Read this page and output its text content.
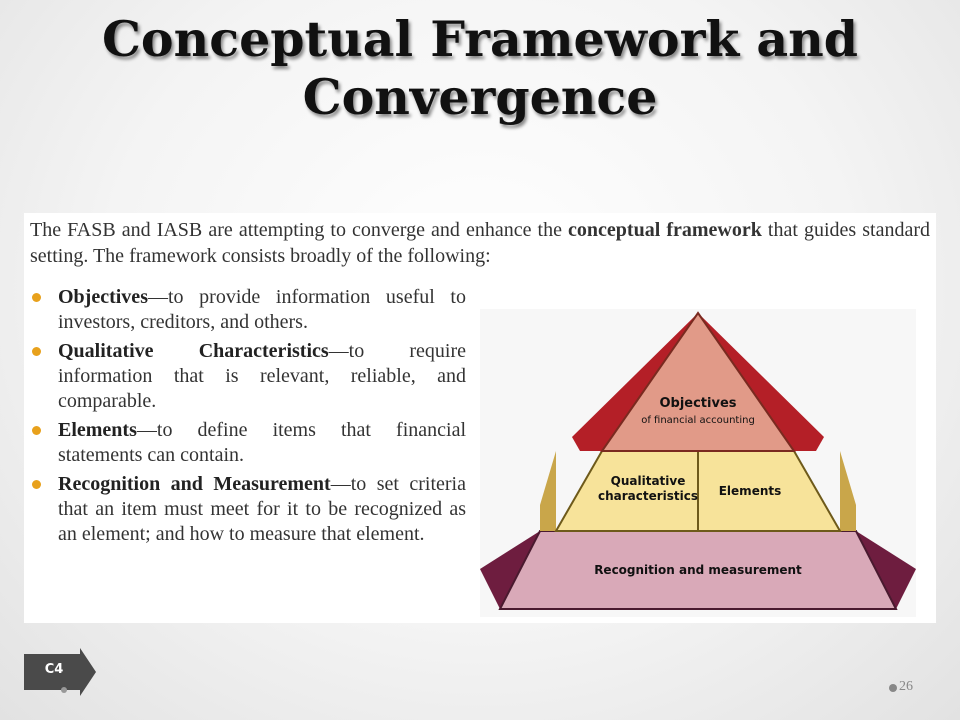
Conceptual Framework and
Convergence
The FASB and IASB are attempting to converge and enhance the conceptual framework that guides standard setting. The framework consists broadly of the following:
Objectives—to provide information useful to investors, creditors, and others.
Qualitative Characteristics—to require information that is relevant, reliable, and comparable.
Elements—to define items that financial statements can contain.
Recognition and Measurement—to set criteria that an item must meet for it to be recognized as an element; and how to measure that element.
Objectives
of financial accounting
Qualitative
characteristics Elements
Recognition and measurement
C4
26
